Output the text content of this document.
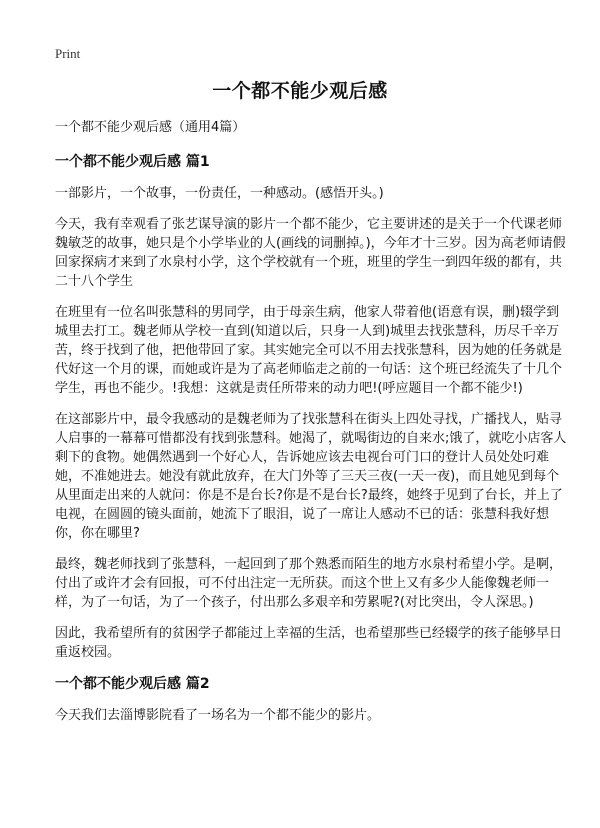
Print
一个都不能少观后感

一个都不能少观后感（通用4篇）

一个都不能少观后感 篇1

一部影片，一个故事，一份责任，一种感动。(感悟开头。)

今天，我有幸观看了张艺谋导演的影片一个都不能少，它主要讲述的是关于一个代课老师魏敏芝的故事，她只是个小学毕业的人(画线的词删掉。)，今年才十三岁。因为高老师请假回家探病才来到了水泉村小学，这个学校就有一个班，班里的学生一到四年级的都有，共二十八个学生

在班里有一位名叫张慧科的男同学，由于母亲生病，他家人带着他(语意有误，删)辍学到城里去打工。魏老师从学校一直到(知道以后，只身一人到)城里去找张慧科，历尽千辛万苦，终于找到了他，把他带回了家。其实她完全可以不用去找张慧科，因为她的任务就是代好这一个月的课，而她或许是为了高老师临走之前的一句话：这个班已经流失了十几个学生，再也不能少。!我想：这就是责任所带来的动力吧!(呼应题目一个都不能少!)

在这部影片中，最令我感动的是魏老师为了找张慧科在街头上四处寻找，广播找人，贴寻人启事的一幕幕可惜都没有找到张慧科。她渴了，就喝街边的自来水;饿了，就吃小店客人剩下的食物。她偶然遇到一个好心人，告诉她应该去电视台可门口的登计人员处处叼难她，不准她进去。她没有就此放弃，在大门外等了三天三夜(一天一夜)，而且她见到每个从里面走出来的人就问：你是不是台长?你是不是台长?最终，她终于见到了台长，并上了电视，在圆圆的镜头面前，她流下了眼泪，说了一席让人感动不已的话：张慧科我好想你，你在哪里?

最终，魏老师找到了张慧科，一起回到了那个熟悉而陌生的地方水泉村希望小学。是啊，付出了或许才会有回报，可不付出注定一无所获。而这个世上又有多少人能像魏老师一样，为了一句话，为了一个孩子，付出那么多艰辛和劳累呢?(对比突出，令人深思。)

因此，我希望所有的贫困学子都能过上幸福的生活，也希望那些已经辍学的孩子能够早日重返校园。

一个都不能少观后感 篇2

今天我们去淄博影院看了一场名为一个都不能少的影片。
